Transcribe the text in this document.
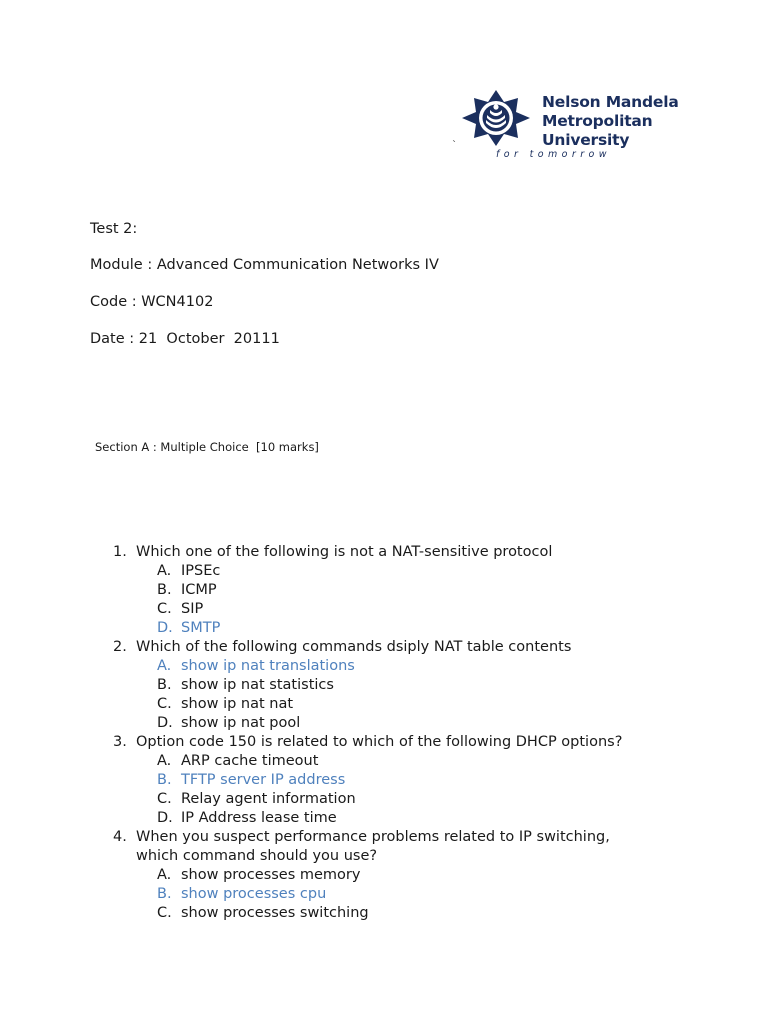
Nelson Mandela
Metropolitan
University
`
for tomorrow
Test 2:
Module : Advanced Communication Networks IV
Code : WCN4102
Date : 21  October  20111
Section A : Multiple Choice  [10 marks]
1. Which one of the following is not a NAT-sensitive protocol
A. IPSEc
B. ICMP
C. SIP
D. SMTP
2. Which of the following commands dsiply NAT table contents
A. show ip nat translations
B. show ip nat statistics
C. show ip nat nat
D. show ip nat pool
3. Option code 150 is related to which of the following DHCP options?
A. ARP cache timeout
B. TFTP server IP address
C. Relay agent information
D. IP Address lease time
4. When you suspect performance problems related to IP switching,
which command should you use?
A. show processes memory
B. show processes cpu
C. show processes switching
